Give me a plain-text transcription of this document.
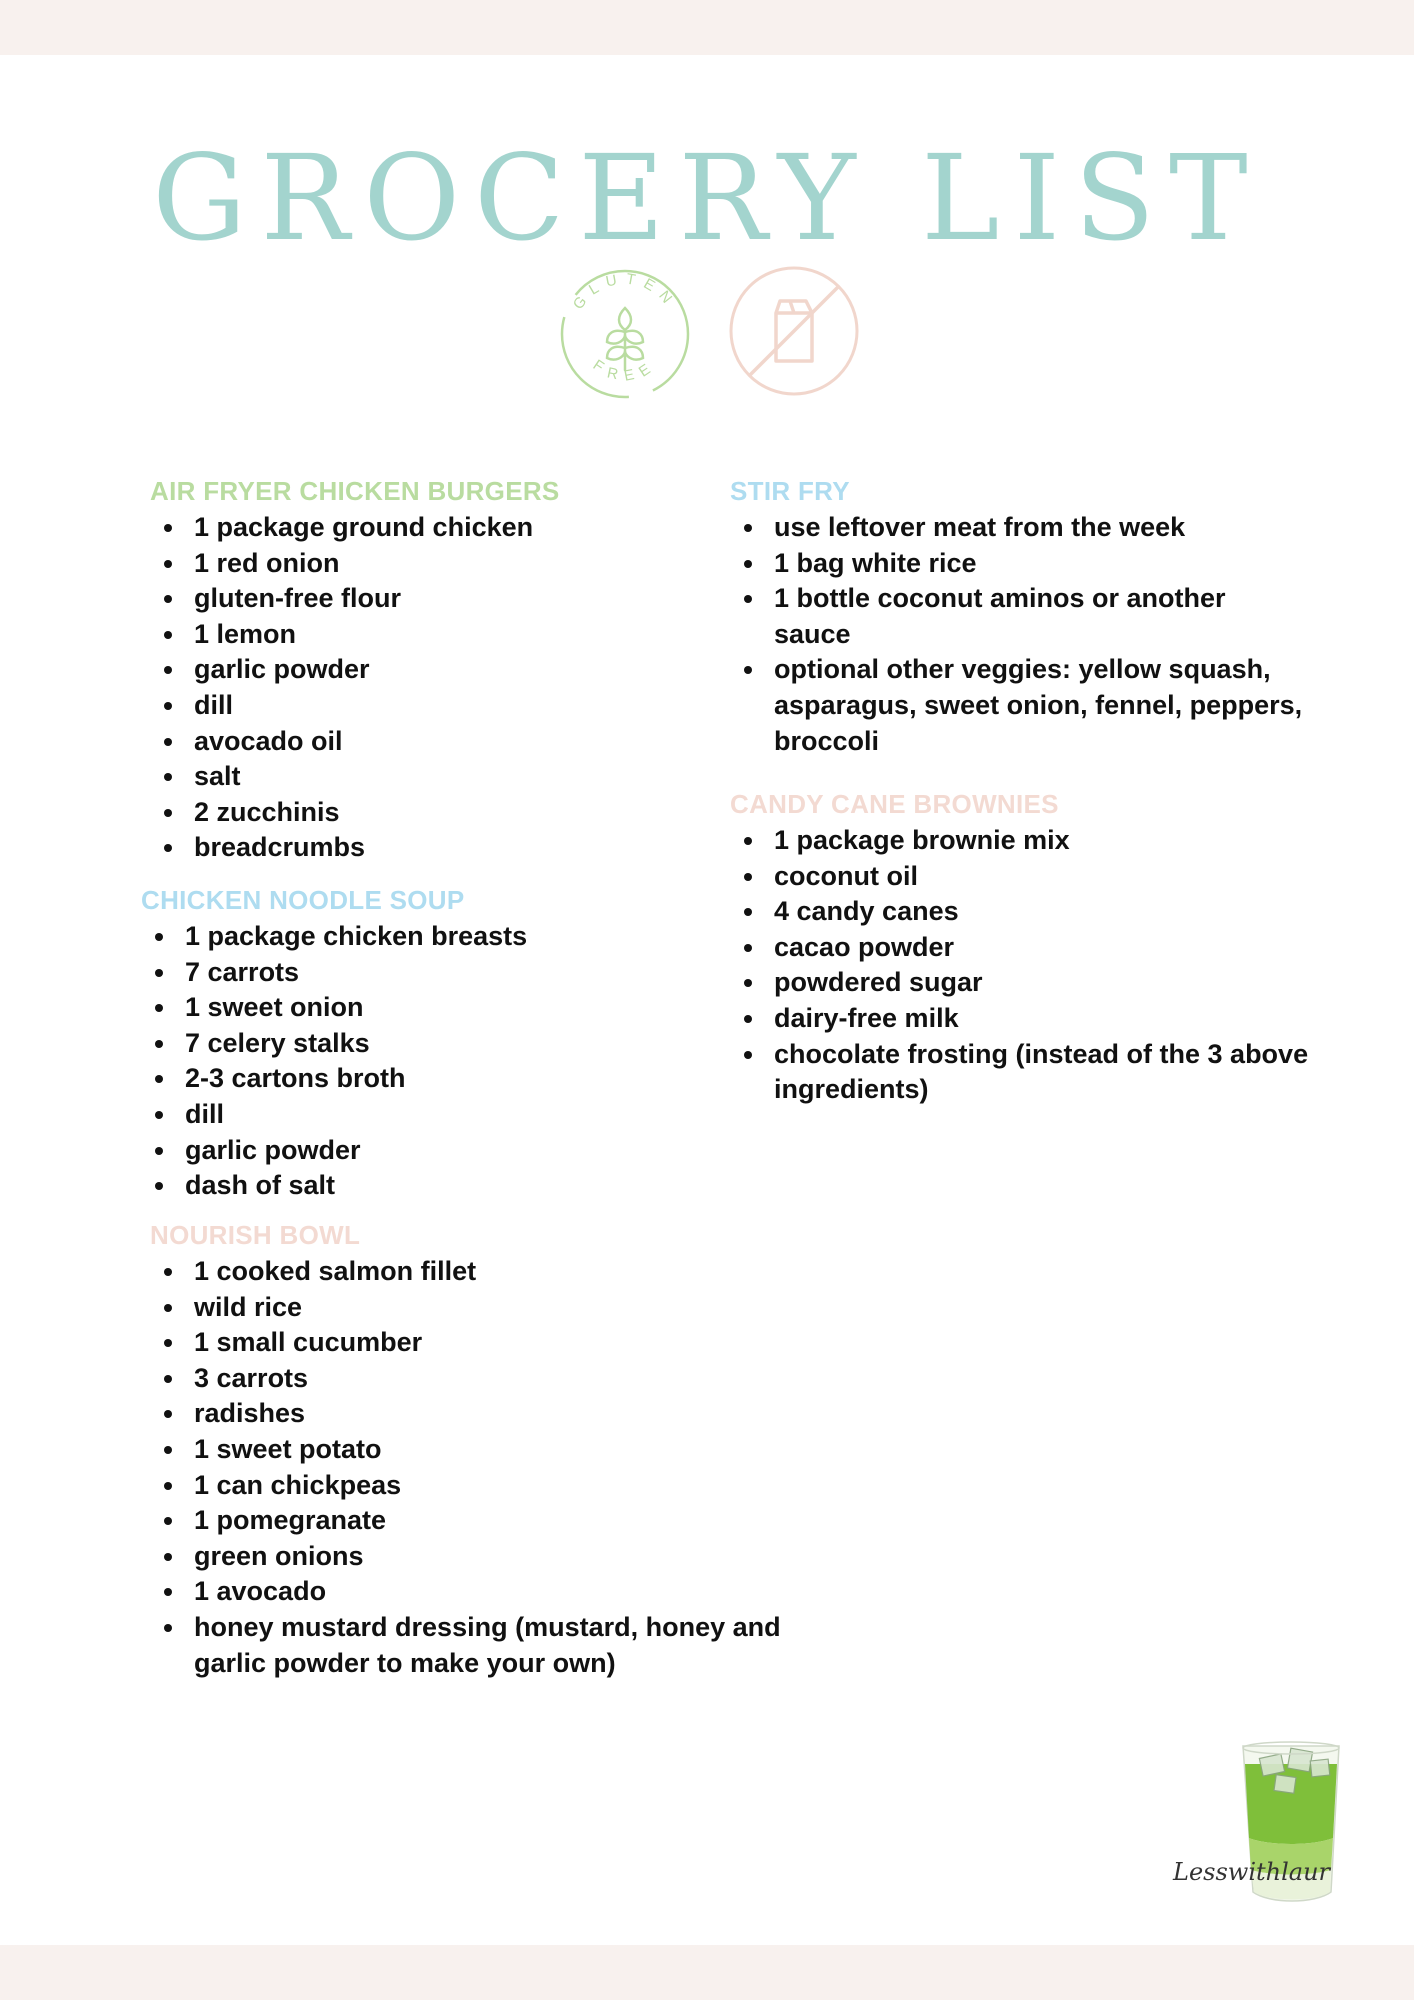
GROCERY LIST
GLUTEN
FREE
AIR FRYER CHICKEN BURGERS
1 package ground chicken
1 red onion
gluten-free flour
1 lemon
garlic powder
dill
avocado oil
salt
2 zucchinis
breadcrumbs
CHICKEN NOODLE SOUP
1 package chicken breasts
7 carrots
1 sweet onion
7 celery stalks
2-3 cartons broth
dill
garlic powder
dash of salt
NOURISH BOWL
1 cooked salmon fillet
wild rice
1 small cucumber
3 carrots
radishes
1 sweet potato
1 can chickpeas
1 pomegranate
green onions
1 avocado
honey mustard dressing (mustard, honey and garlic powder to make your own)
STIR FRY
use leftover meat from the week
1 bag white rice
1 bottle coconut aminos or another sauce
optional other veggies: yellow squash, asparagus, sweet onion, fennel, peppers, broccoli
CANDY CANE BROWNIES
1 package brownie mix
coconut oil
4 candy canes
cacao powder
powdered sugar
dairy-free milk
chocolate frosting (instead of the 3 above ingredients)
Lesswithlaur
